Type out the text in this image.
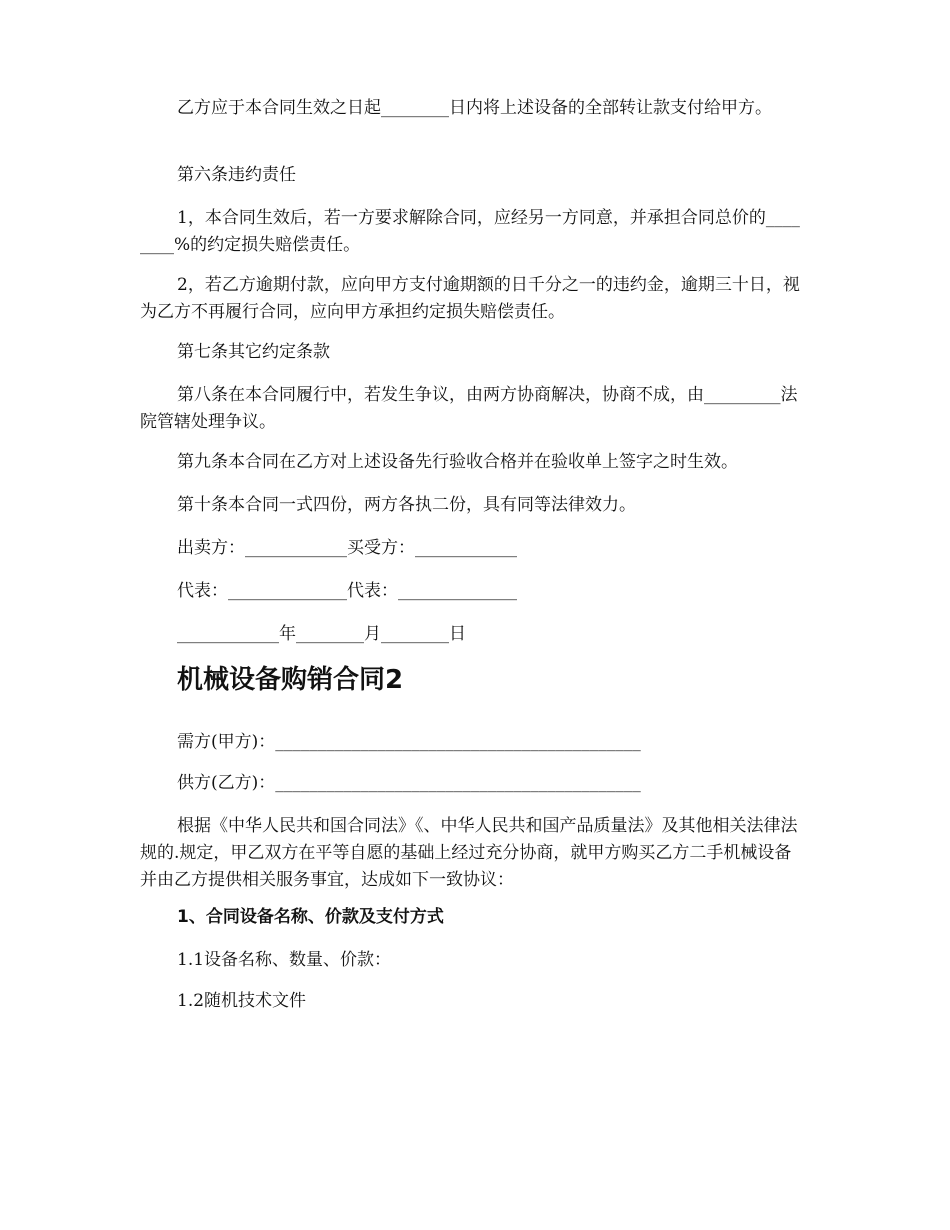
乙方应于本合同生效之日起________日内将上述设备的全部转让款支付给甲方。

第六条违约责任

1，本合同生效后，若一方要求解除合同，应经另一方同意，并承担合同总价的________%的约定损失赔偿责任。

2，若乙方逾期付款，应向甲方支付逾期额的日千分之一的违约金，逾期三十日，视为乙方不再履行合同，应向甲方承担约定损失赔偿责任。

第七条其它约定条款

第八条在本合同履行中，若发生争议，由两方协商解决，协商不成，由_________法院管辖处理争议。

第九条本合同在乙方对上述设备先行验收合格并在验收单上签字之时生效。

第十条本合同一式四份，两方各执二份，具有同等法律效力。

出卖方：____________买受方：____________

代表：______________代表：______________

____________年________月________日

机械设备购销合同2

需方(甲方)：___________________________________________

供方(乙方)：___________________________________________

根据《中华人民共和国合同法》《、中华人民共和国产品质量法》及其他相关法律法规的.规定，甲乙双方在平等自愿的基础上经过充分协商，就甲方购买乙方二手机械设备并由乙方提供相关服务事宜，达成如下一致协议：

1、合同设备名称、价款及支付方式

1.1设备名称、数量、价款：

1.2随机技术文件
